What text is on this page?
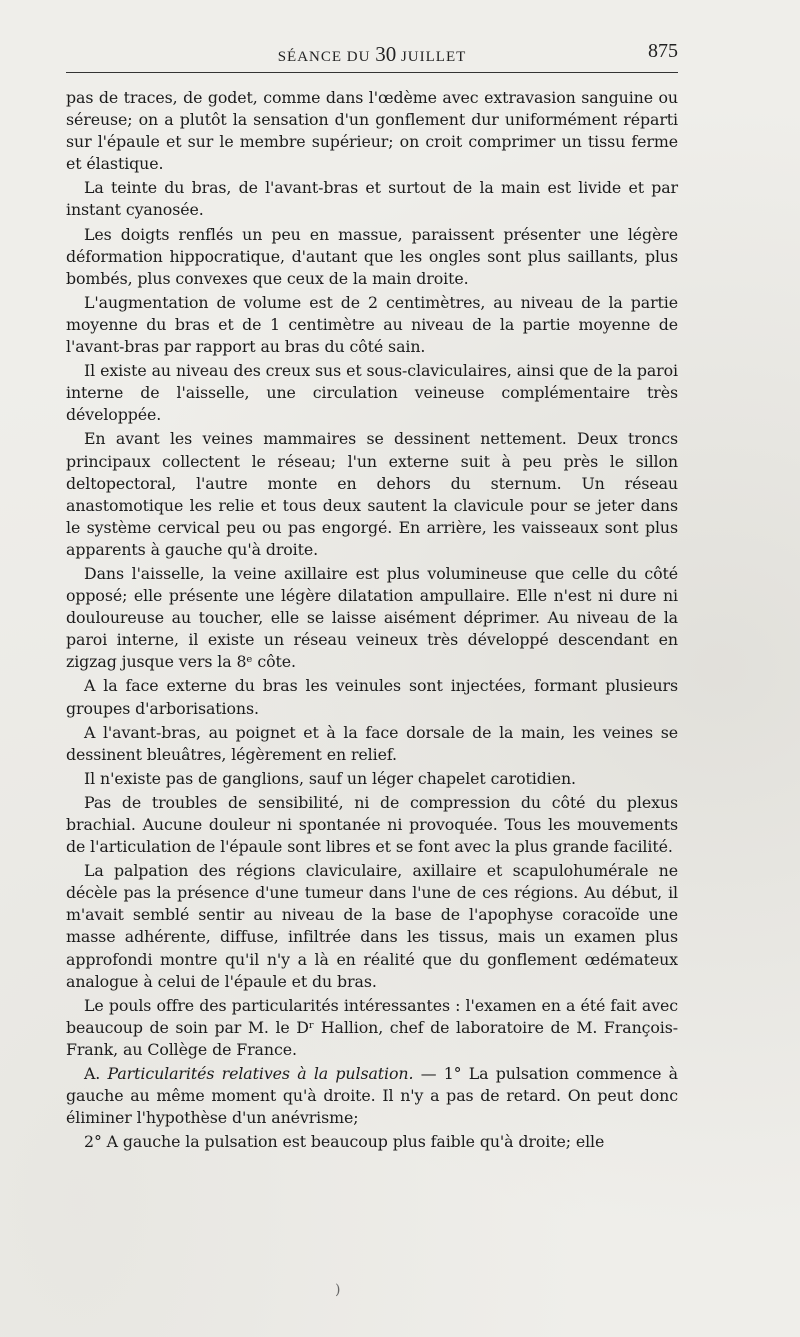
SÉANCE DU 30 JUILLET	875

pas de traces, de godet, comme dans l'œdème avec extravasion sanguine ou séreuse; on a plutôt la sensation d'un gonflement dur uniformément réparti sur l'épaule et sur le membre supérieur; on croit comprimer un tissu ferme et élastique.

La teinte du bras, de l'avant-bras et surtout de la main est livide et par instant cyanosée.

Les doigts renflés un peu en massue, paraissent présenter une légère déformation hippocratique, d'autant que les ongles sont plus saillants, plus bombés, plus convexes que ceux de la main droite.

L'augmentation de volume est de 2 centimètres, au niveau de la partie moyenne du bras et de 1 centimètre au niveau de la partie moyenne de l'avant-bras par rapport au bras du côté sain.

Il existe au niveau des creux sus et sous-claviculaires, ainsi que de la paroi interne de l'aisselle, une circulation veineuse complémentaire très développée.

En avant les veines mammaires se dessinent nettement. Deux troncs principaux collectent le réseau; l'un externe suit à peu près le sillon deltopectoral, l'autre monte en dehors du sternum. Un réseau anastomotique les relie et tous deux sautent la clavicule pour se jeter dans le système cervical peu ou pas engorgé. En arrière, les vaisseaux sont plus apparents à gauche qu'à droite.

Dans l'aisselle, la veine axillaire est plus volumineuse que celle du côté opposé; elle présente une légère dilatation ampullaire. Elle n'est ni dure ni douloureuse au toucher, elle se laisse aisément déprimer. Au niveau de la paroi interne, il existe un réseau veineux très développé descendant en zigzag jusque vers la 8ᵉ côte.

A la face externe du bras les veinules sont injectées, formant plusieurs groupes d'arborisations.

A l'avant-bras, au poignet et à la face dorsale de la main, les veines se dessinent bleuâtres, légèrement en relief.

Il n'existe pas de ganglions, sauf un léger chapelet carotidien.

Pas de troubles de sensibilité, ni de compression du côté du plexus brachial. Aucune douleur ni spontanée ni provoquée. Tous les mouvements de l'articulation de l'épaule sont libres et se font avec la plus grande facilité.

La palpation des régions claviculaire, axillaire et scapulohumérale ne décèle pas la présence d'une tumeur dans l'une de ces régions. Au début, il m'avait semblé sentir au niveau de la base de l'apophyse coracoïde une masse adhérente, diffuse, infiltrée dans les tissus, mais un examen plus approfondi montre qu'il n'y a là en réalité que du gonflement œdémateux analogue à celui de l'épaule et du bras.

Le pouls offre des particularités intéressantes : l'examen en a été fait avec beaucoup de soin par M. le Dʳ Hallion, chef de laboratoire de M. François-Frank, au Collège de France.

A. Particularités relatives à la pulsation. — 1° La pulsation commence à gauche au même moment qu'à droite. Il n'y a pas de retard. On peut donc éliminer l'hypothèse d'un anévrisme;

2° A gauche la pulsation est beaucoup plus faible qu'à droite; elle

)
